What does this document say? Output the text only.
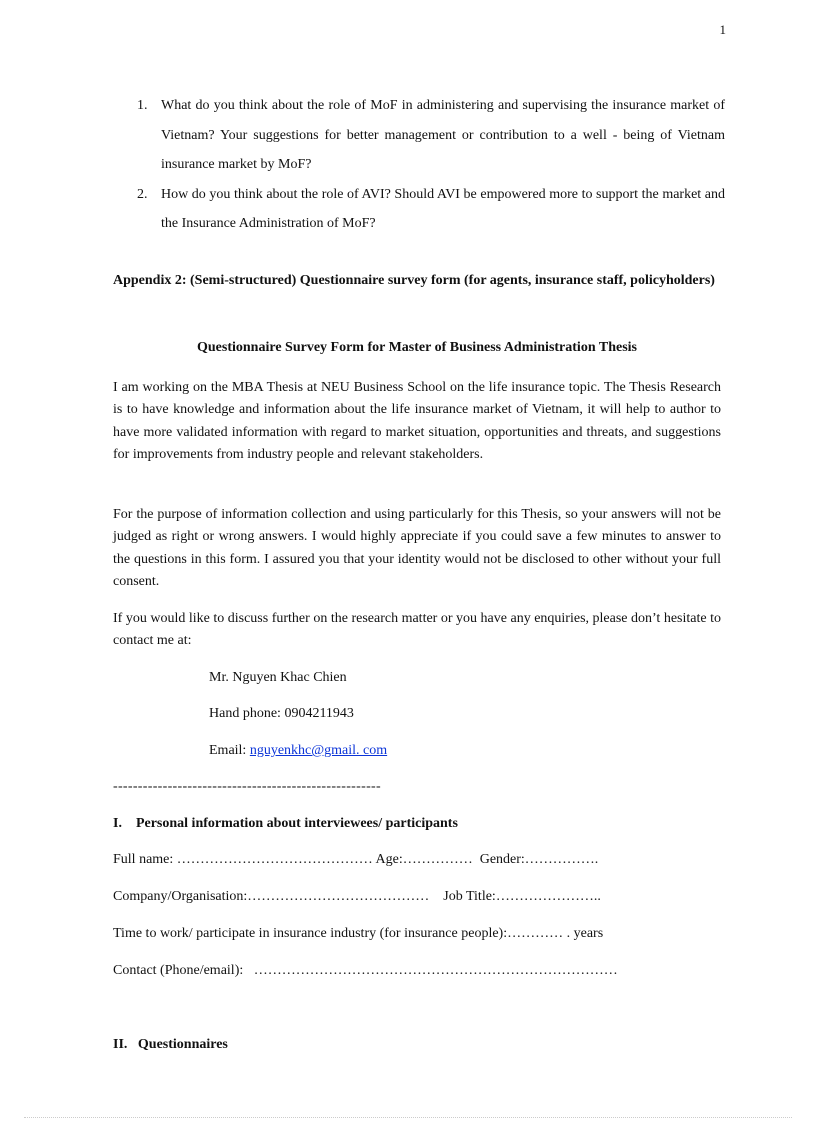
1
1. What do you think about the role of MoF in administering and supervising the insurance market of Vietnam? Your suggestions for better management or contribution to a well - being of Vietnam insurance market by MoF?
2. How do you think about the role of AVI? Should AVI be empowered more to support the market and the Insurance Administration of MoF?
Appendix 2: (Semi-structured) Questionnaire survey form (for agents, insurance staff, policyholders)
Questionnaire Survey Form for Master of Business Administration Thesis
I am working on the MBA Thesis at NEU Business School on the life insurance topic. The Thesis Research is to have knowledge and information about the life insurance market of Vietnam, it will help to author to have more validated information with regard to market situation, opportunities and threats, and suggestions for improvements from industry people and relevant stakeholders.
For the purpose of information collection and using particularly for this Thesis, so your answers will not be judged as right or wrong answers. I would highly appreciate if you could save a few minutes to answer to the questions in this form. I assured you that your identity would not be disclosed to other without your full consent.
If you would like to discuss further on the research matter or you have any enquiries, please don’t hesitate to contact me at:
Mr. Nguyen Khac Chien
Hand phone: 0904211943
Email: nguyenkhc@gmail. com
------------------------------------------------------
I.    Personal information about interviewees/ participants
Full name: …………………………………… Age:……………  Gender:…………….
Company/Organisation:…………………………………    Job Title:…………………..
Time to work/ participate in insurance industry (for insurance people):………… . years
Contact (Phone/email):   ……………………………………………………………………
II.   Questionnaires
